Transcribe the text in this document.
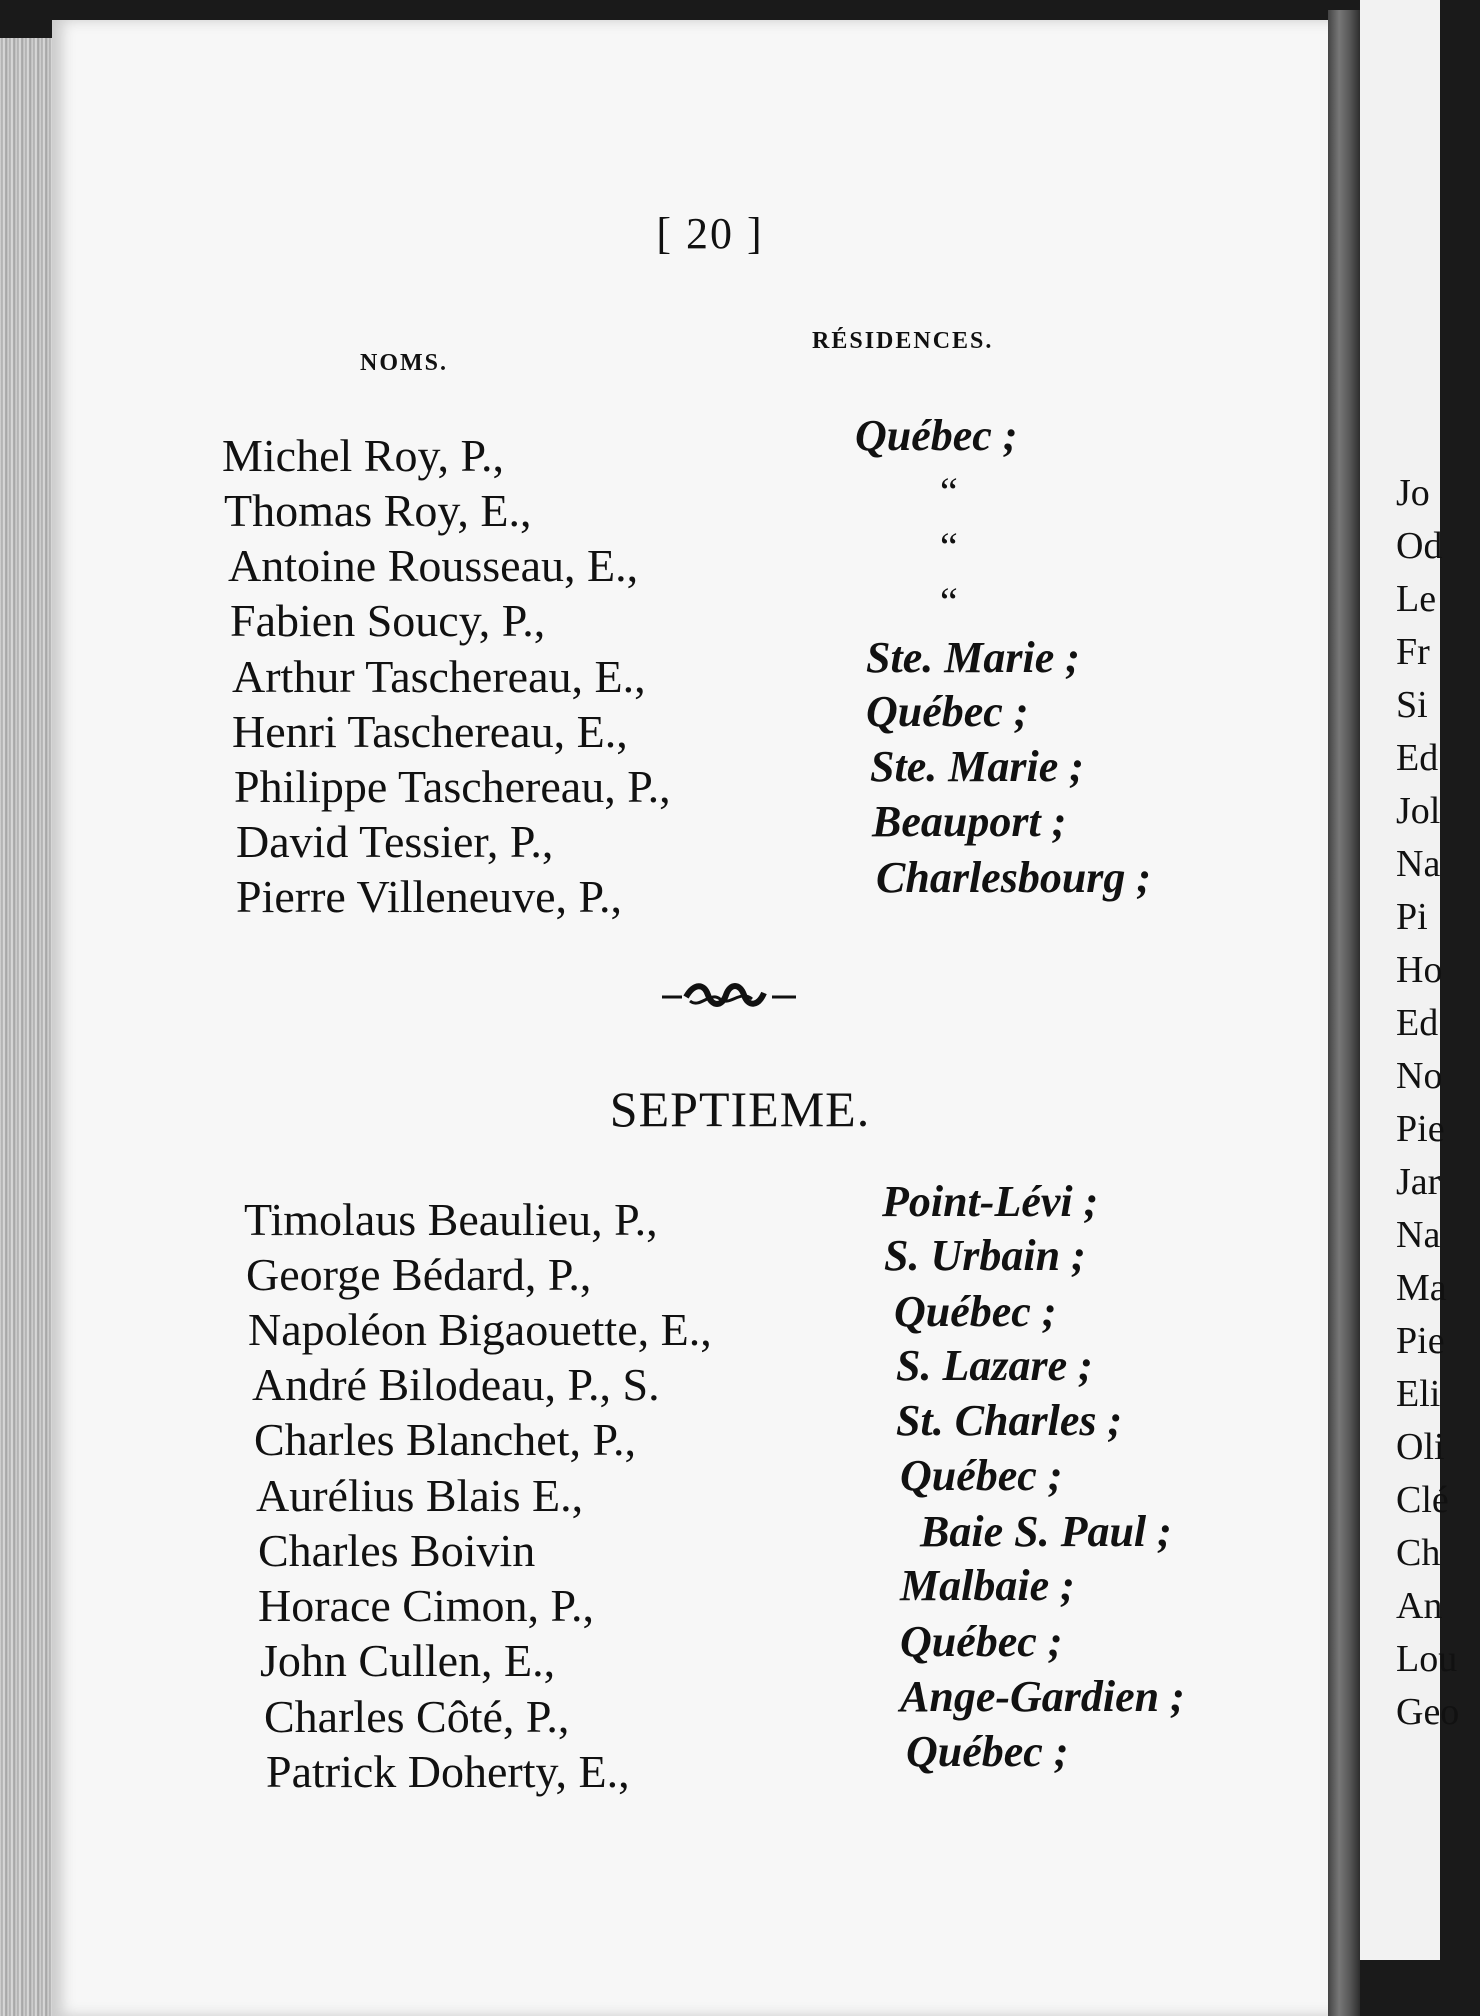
Jo
Od
Le
Fr
Si
Ed
Jol
Na
Pi
Ho
Ed
No
Pie
Jar
Na
Ma
Pie
Eli
Oli
Clé
Ch
An
Lou
Geo
[ 20 ]
NOMS.
RÉSIDENCES.
Michel Roy, P.,	Québec ;
Thomas Roy, E.,	“
Antoine Rousseau, E.,	“
Fabien Soucy, P.,	“
Arthur Taschereau, E.,	Ste. Marie ;
Henri Taschereau, E.,	Québec ;
Philippe Taschereau, P.,	Ste. Marie ;
David Tessier, P.,	Beauport ;
Pierre Villeneuve, P.,	Charlesbourg ;
SEPTIEME.
Timolaus Beaulieu, P.,	Point-Lévi ;
George Bédard, P.,	S. Urbain ;
Napoléon Bigaouette, E.,	Québec ;
André Bilodeau, P., S.	S. Lazare ;
Charles Blanchet, P.,	St. Charles ;
Aurélius Blais E.,	Québec ;
Charles Boivin	Baie S. Paul ;
Horace Cimon, P.,	Malbaie ;
John Cullen, E.,	Québec ;
Charles Côté, P.,	Ange-Gardien ;
Patrick Doherty, E.,	Québec ;
